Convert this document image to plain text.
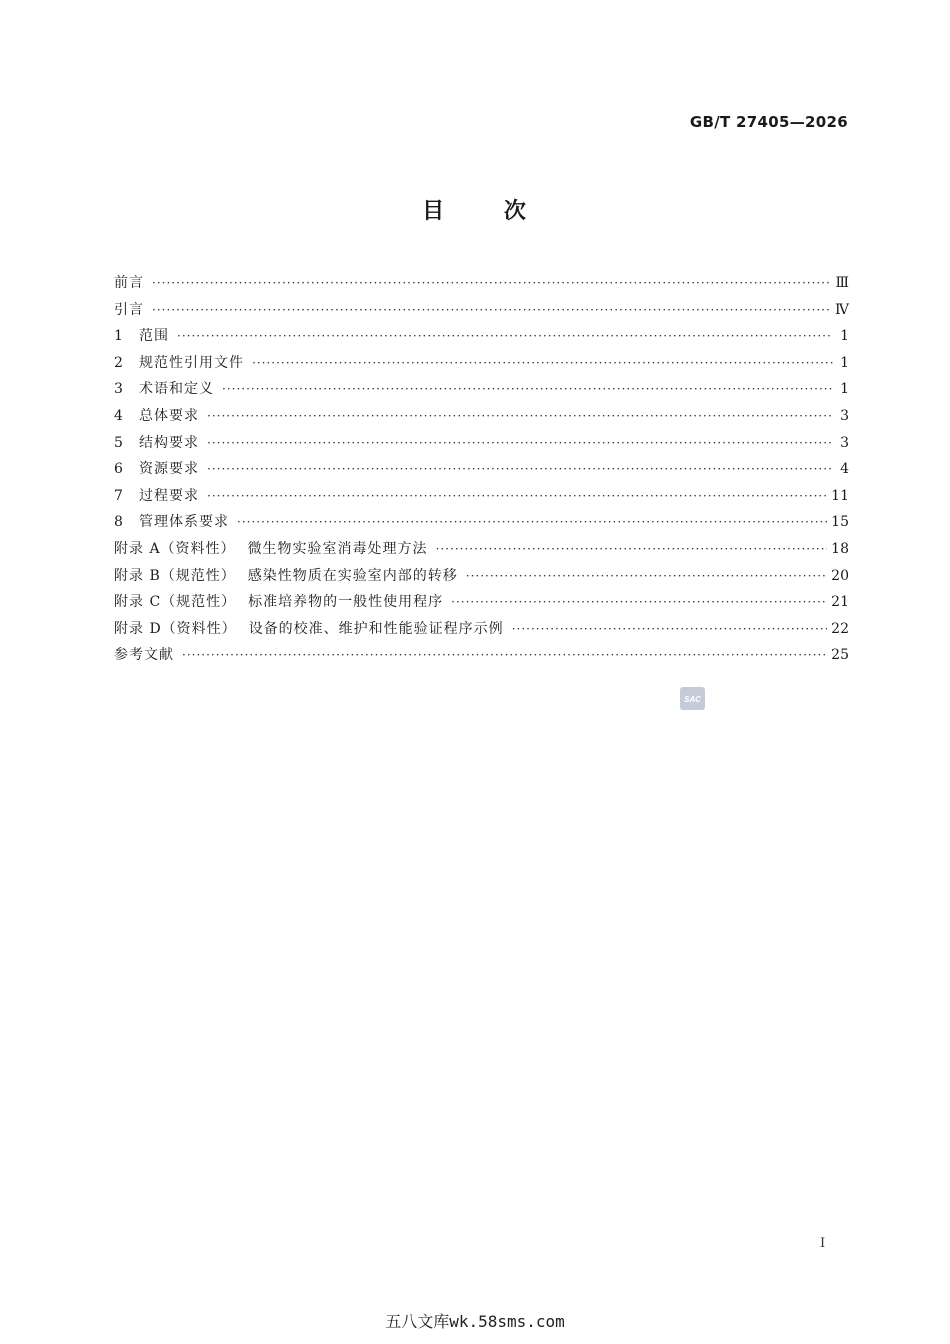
GB/T 27405—2026
目 次
前言 ·····	Ⅲ
引言 ·····	Ⅳ
1	范围 ·····	1
2	规范性引用文件 ·····	1
3	术语和定义 ·····	1
4	总体要求 ·····	3
5	结构要求 ·····	3
6	资源要求 ·····	4
7	过程要求 ·····	11
8	管理体系要求 ·····	15
附录 A（资料性） 微生物实验室消毒处理方法 ·····	18
附录 B（规范性） 感染性物质在实验室内部的转移 ·····	20
附录 C（规范性） 标准培养物的一般性使用程序 ·····	21
附录 D（资料性） 设备的校准、维护和性能验证程序示例 ·····	22
参考文献 ·····	25
SAC
I
五八文库wk.58sms.com
